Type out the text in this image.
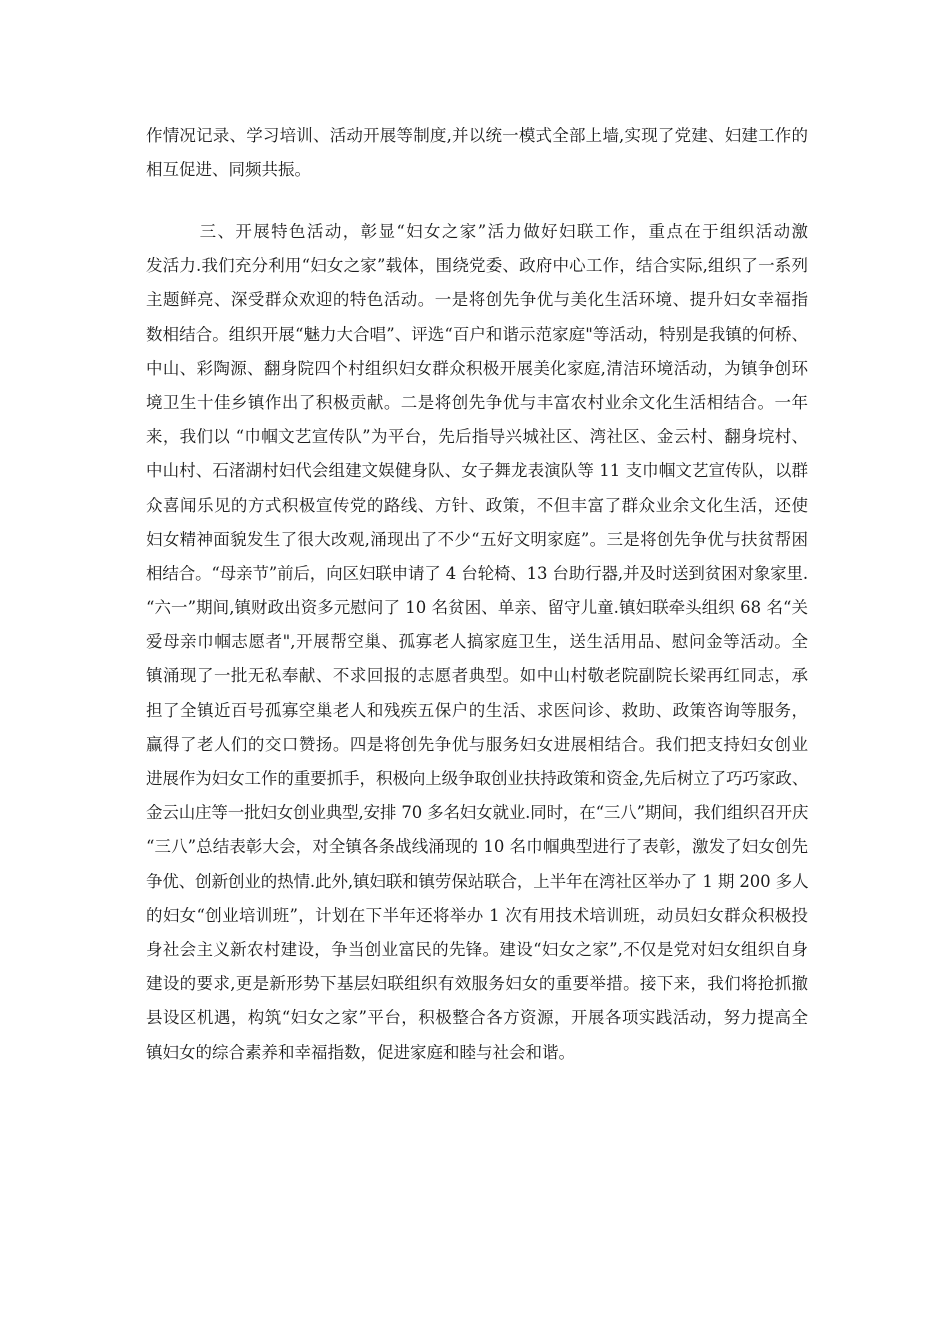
作情况记录、学习培训、活动开展等制度,并以统一模式全部上墙,实现了党建、妇建工作的
相互促进、同频共振。
　　　三、开展特色活动，彰显“妇女之家”活力做好妇联工作，重点在于组织活动激
发活力.我们充分利用“妇女之家”载体，围绕党委、政府中心工作，结合实际,组织了一系列
主题鲜亮、深受群众欢迎的特色活动。一是将创先争优与美化生活环境、提升妇女幸福指
数相结合。组织开展“魅力大合唱”、评选“百户和谐示范家庭"等活动，特别是我镇的何桥、
中山、彩陶源、翻身院四个村组织妇女群众积极开展美化家庭,清洁环境活动，为镇争创环
境卫生十佳乡镇作出了积极贡献。二是将创先争优与丰富农村业余文化生活相结合。一年
来，我们以 “巾帼文艺宣传队”为平台，先后指导兴城社区、湾社区、金云村、翻身垸村、
中山村、石渚湖村妇代会组建文娱健身队、女子舞龙表演队等 11 支巾帼文艺宣传队，以群
众喜闻乐见的方式积极宣传党的路线、方针、政策，不但丰富了群众业余文化生活，还使
妇女精神面貌发生了很大改观,涌现出了不少“五好文明家庭”。三是将创先争优与扶贫帮困
相结合。“母亲节”前后，向区妇联申请了 4 台轮椅、13 台助行器,并及时送到贫困对象家里.
“六一”期间,镇财政出资多元慰问了 10 名贫困、单亲、留守儿童.镇妇联牵头组织 68 名“关
爱母亲巾帼志愿者",开展帮空巢、孤寡老人搞家庭卫生，送生活用品、慰问金等活动。全
镇涌现了一批无私奉献、不求回报的志愿者典型。如中山村敬老院副院长梁再红同志，承
担了全镇近百号孤寡空巢老人和残疾五保户的生活、求医问诊、救助、政策咨询等服务，
赢得了老人们的交口赞扬。四是将创先争优与服务妇女进展相结合。我们把支持妇女创业
进展作为妇女工作的重要抓手，积极向上级争取创业扶持政策和资金,先后树立了巧巧家政、
金云山庄等一批妇女创业典型,安排 70 多名妇女就业.同时，在“三八”期间，我们组织召开庆
“三八”总结表彰大会，对全镇各条战线涌现的 10 名巾帼典型进行了表彰，激发了妇女创先
争优、创新创业的热情.此外,镇妇联和镇劳保站联合，上半年在湾社区举办了 1 期 200 多人
的妇女“创业培训班”，计划在下半年还将举办 1 次有用技术培训班，动员妇女群众积极投
身社会主义新农村建设，争当创业富民的先锋。建设“妇女之家”,不仅是党对妇女组织自身
建设的要求,更是新形势下基层妇联组织有效服务妇女的重要举措。接下来，我们将抢抓撤
县设区机遇，构筑“妇女之家”平台，积极整合各方资源，开展各项实践活动，努力提高全
镇妇女的综合素养和幸福指数，促进家庭和睦与社会和谐。
